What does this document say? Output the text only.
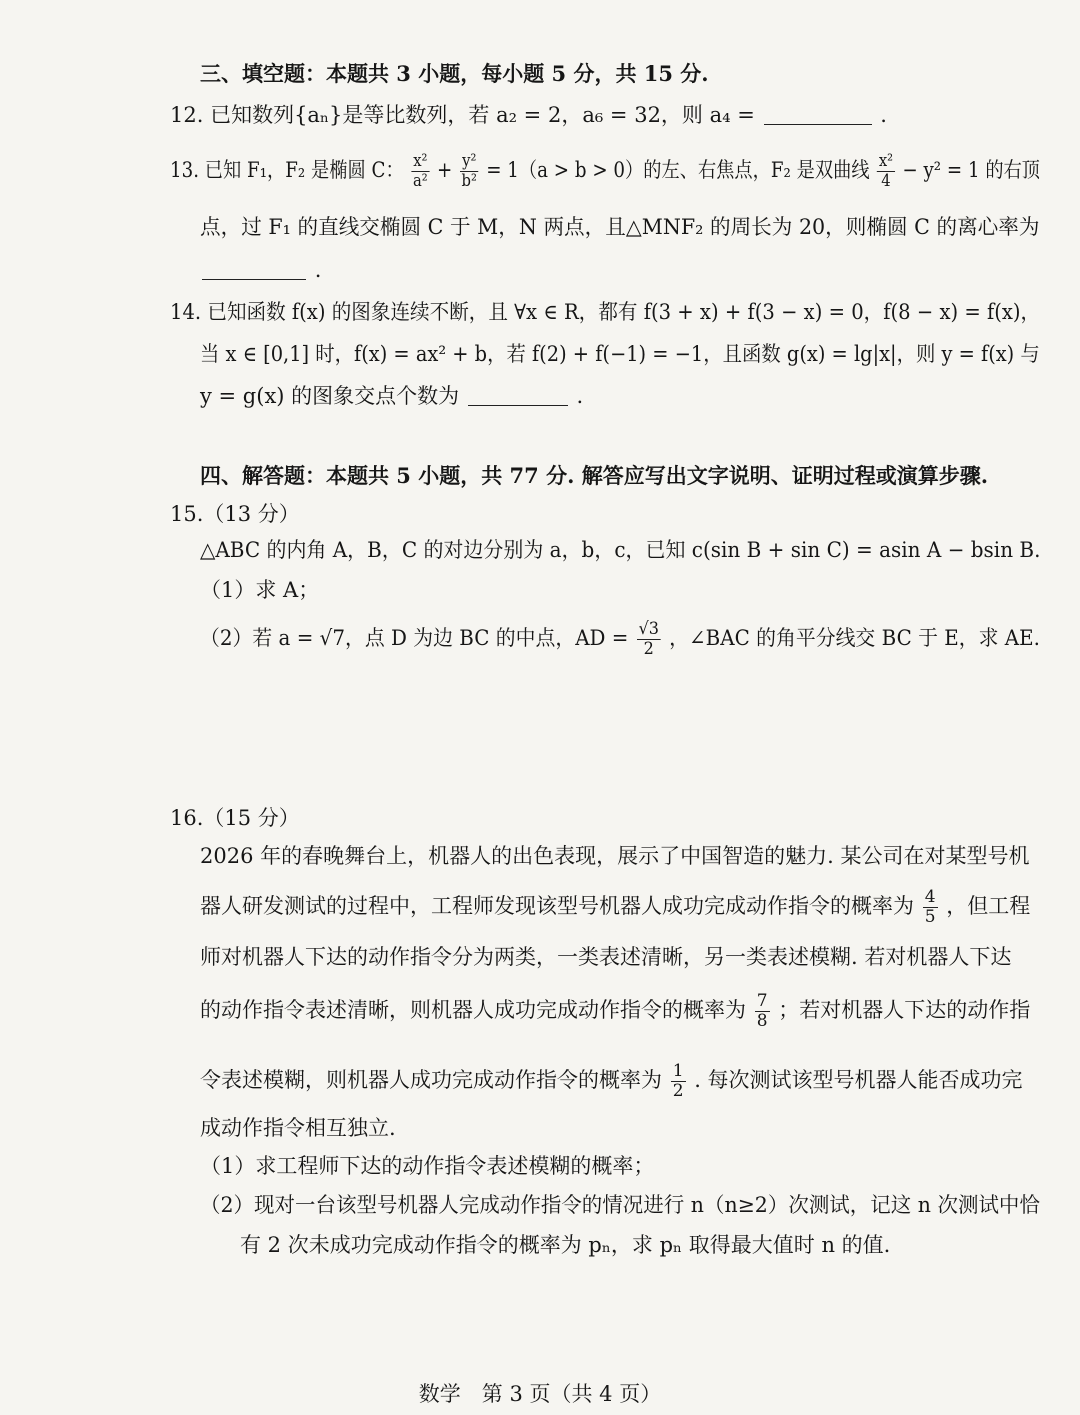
三、填空题：本题共 3 小题，每小题 5 分，共 15 分.
12. 已知数列{aₙ}是等比数列，若 a₂ = 2，a₆ = 32，则 a₄ =	.
13. 已知 F₁，F₂ 是椭圆 C： $\frac{\text{x²}}{\text{a²}} + \frac{\text{y²}}{\text{b²}} = 1(a > b > 0)$的左、右焦点，F₂ 是双曲线 $\frac{\text{x²}}{4} - y^2 = 1$ 的右顶
点，过 F₁ 的直线交椭圆 C 于 M，N 两点，且△MNF₂ 的周长为 20，则椭圆 C 的离心率为
.
14. 已知函数 f(x) 的图象连续不断，且 ∀x ∈ R，都有 f(3 + x) + f(3 − x) = 0，f(8 − x) = f(x)，
当 x ∈ [0,1] 时，f(x) = ax² + b，若 f(2) + f(−1) = −1，且函数 g(x) = lg|x|，则 y = f(x) 与
y = g(x) 的图象交点个数为	.
四、解答题：本题共 5 小题，共 77 分. 解答应写出文字说明、证明过程或演算步骤.
15.（13 分）
△ABC 的内角 A，B，C 的对边分别为 a，b，c，已知 c(sin B + sin C) = asin A − bsin B.
（1）求 A；
（2）若 a = √7，点 D 为边 BC 的中点，AD = $\frac{√3}{2}$ ，∠BAC 的角平分线交 BC 于 E，求 AE.
16.（15 分）
2026 年的春晚舞台上，机器人的出色表现，展示了中国智造的魅力. 某公司在对某型号机
器人研发测试的过程中，工程师发现该型号机器人成功完成动作指令的概率为 $\frac{4}{5}$ ，但工程
师对机器人下达的动作指令分为两类，一类表述清晰，另一类表述模糊. 若对机器人下达
的动作指令表述清晰，则机器人成功完成动作指令的概率为 $\frac{7}{8}$ ；若对机器人下达的动作指
令表述模糊，则机器人成功完成动作指令的概率为 $\frac{1}{2}$ . 每次测试该型号机器人能否成功完
成动作指令相互独立.
（1）求工程师下达的动作指令表述模糊的概率；
（2）现对一台该型号机器人完成动作指令的情况进行 n（n≥2）次测试，记这 n 次测试中恰
有 2 次未成功完成动作指令的概率为 pₙ，求 pₙ 取得最大值时 n 的值.
数学　第 3 页（共 4 页）
